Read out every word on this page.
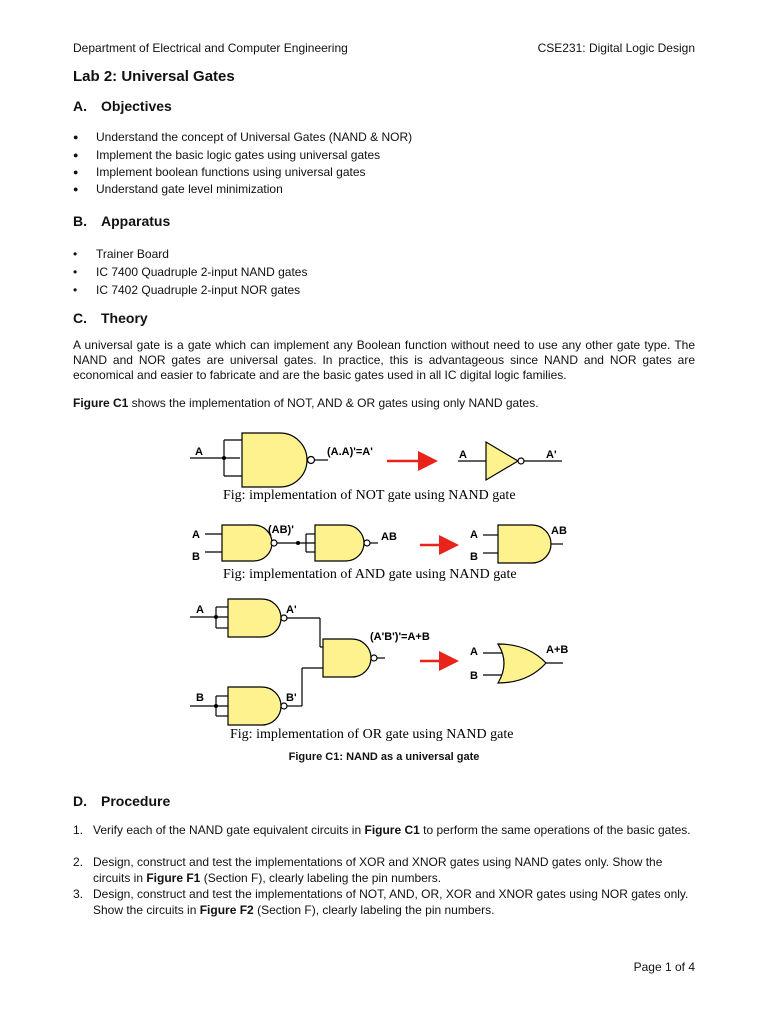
Department of Electrical and Computer Engineering	CSE231: Digital Logic Design
Lab 2: Universal Gates
A. Objectives
● Understand the concept of Universal Gates (NAND & NOR)
● Implement the basic logic gates using universal gates
● Implement boolean functions using universal gates
● Understand gate level minimization
B. Apparatus
• Trainer Board
• IC 7400 Quadruple 2-input NAND gates
• IC 7402 Quadruple 2-input NOR gates
C. Theory
A universal gate is a gate which can implement any Boolean function without need to use any other gate type. The NAND and NOR gates are universal gates. In practice, this is advantageous since NAND and NOR gates are economical and easier to fabricate and are the basic gates used in all IC digital logic families.
Figure C1 shows the implementation of NOT, AND & OR gates using only NAND gates.
A	(A.A)'=A'	A	A'
Fig: implementation of NOT gate using NAND gate
A
B
(AB)'
AB	A
B
AB
Fig: implementation of AND gate using NAND gate
A	A'
B	B'
(A'B')'=A+B
A
B
A+B
Fig: implementation of OR gate using NAND gate
Figure C1: NAND as a universal gate
D. Procedure
1. Verify each of the NAND gate equivalent circuits in Figure C1 to perform the same operations of the basic gates.
2. Design, construct and test the implementations of XOR and XNOR gates using NAND gates only. Show the circuits in Figure F1 (Section F), clearly labeling the pin numbers.
3. Design, construct and test the implementations of NOT, AND, OR, XOR and XNOR gates using NOR gates only. Show the circuits in Figure F2 (Section F), clearly labeling the pin numbers.
Page 1 of 4
